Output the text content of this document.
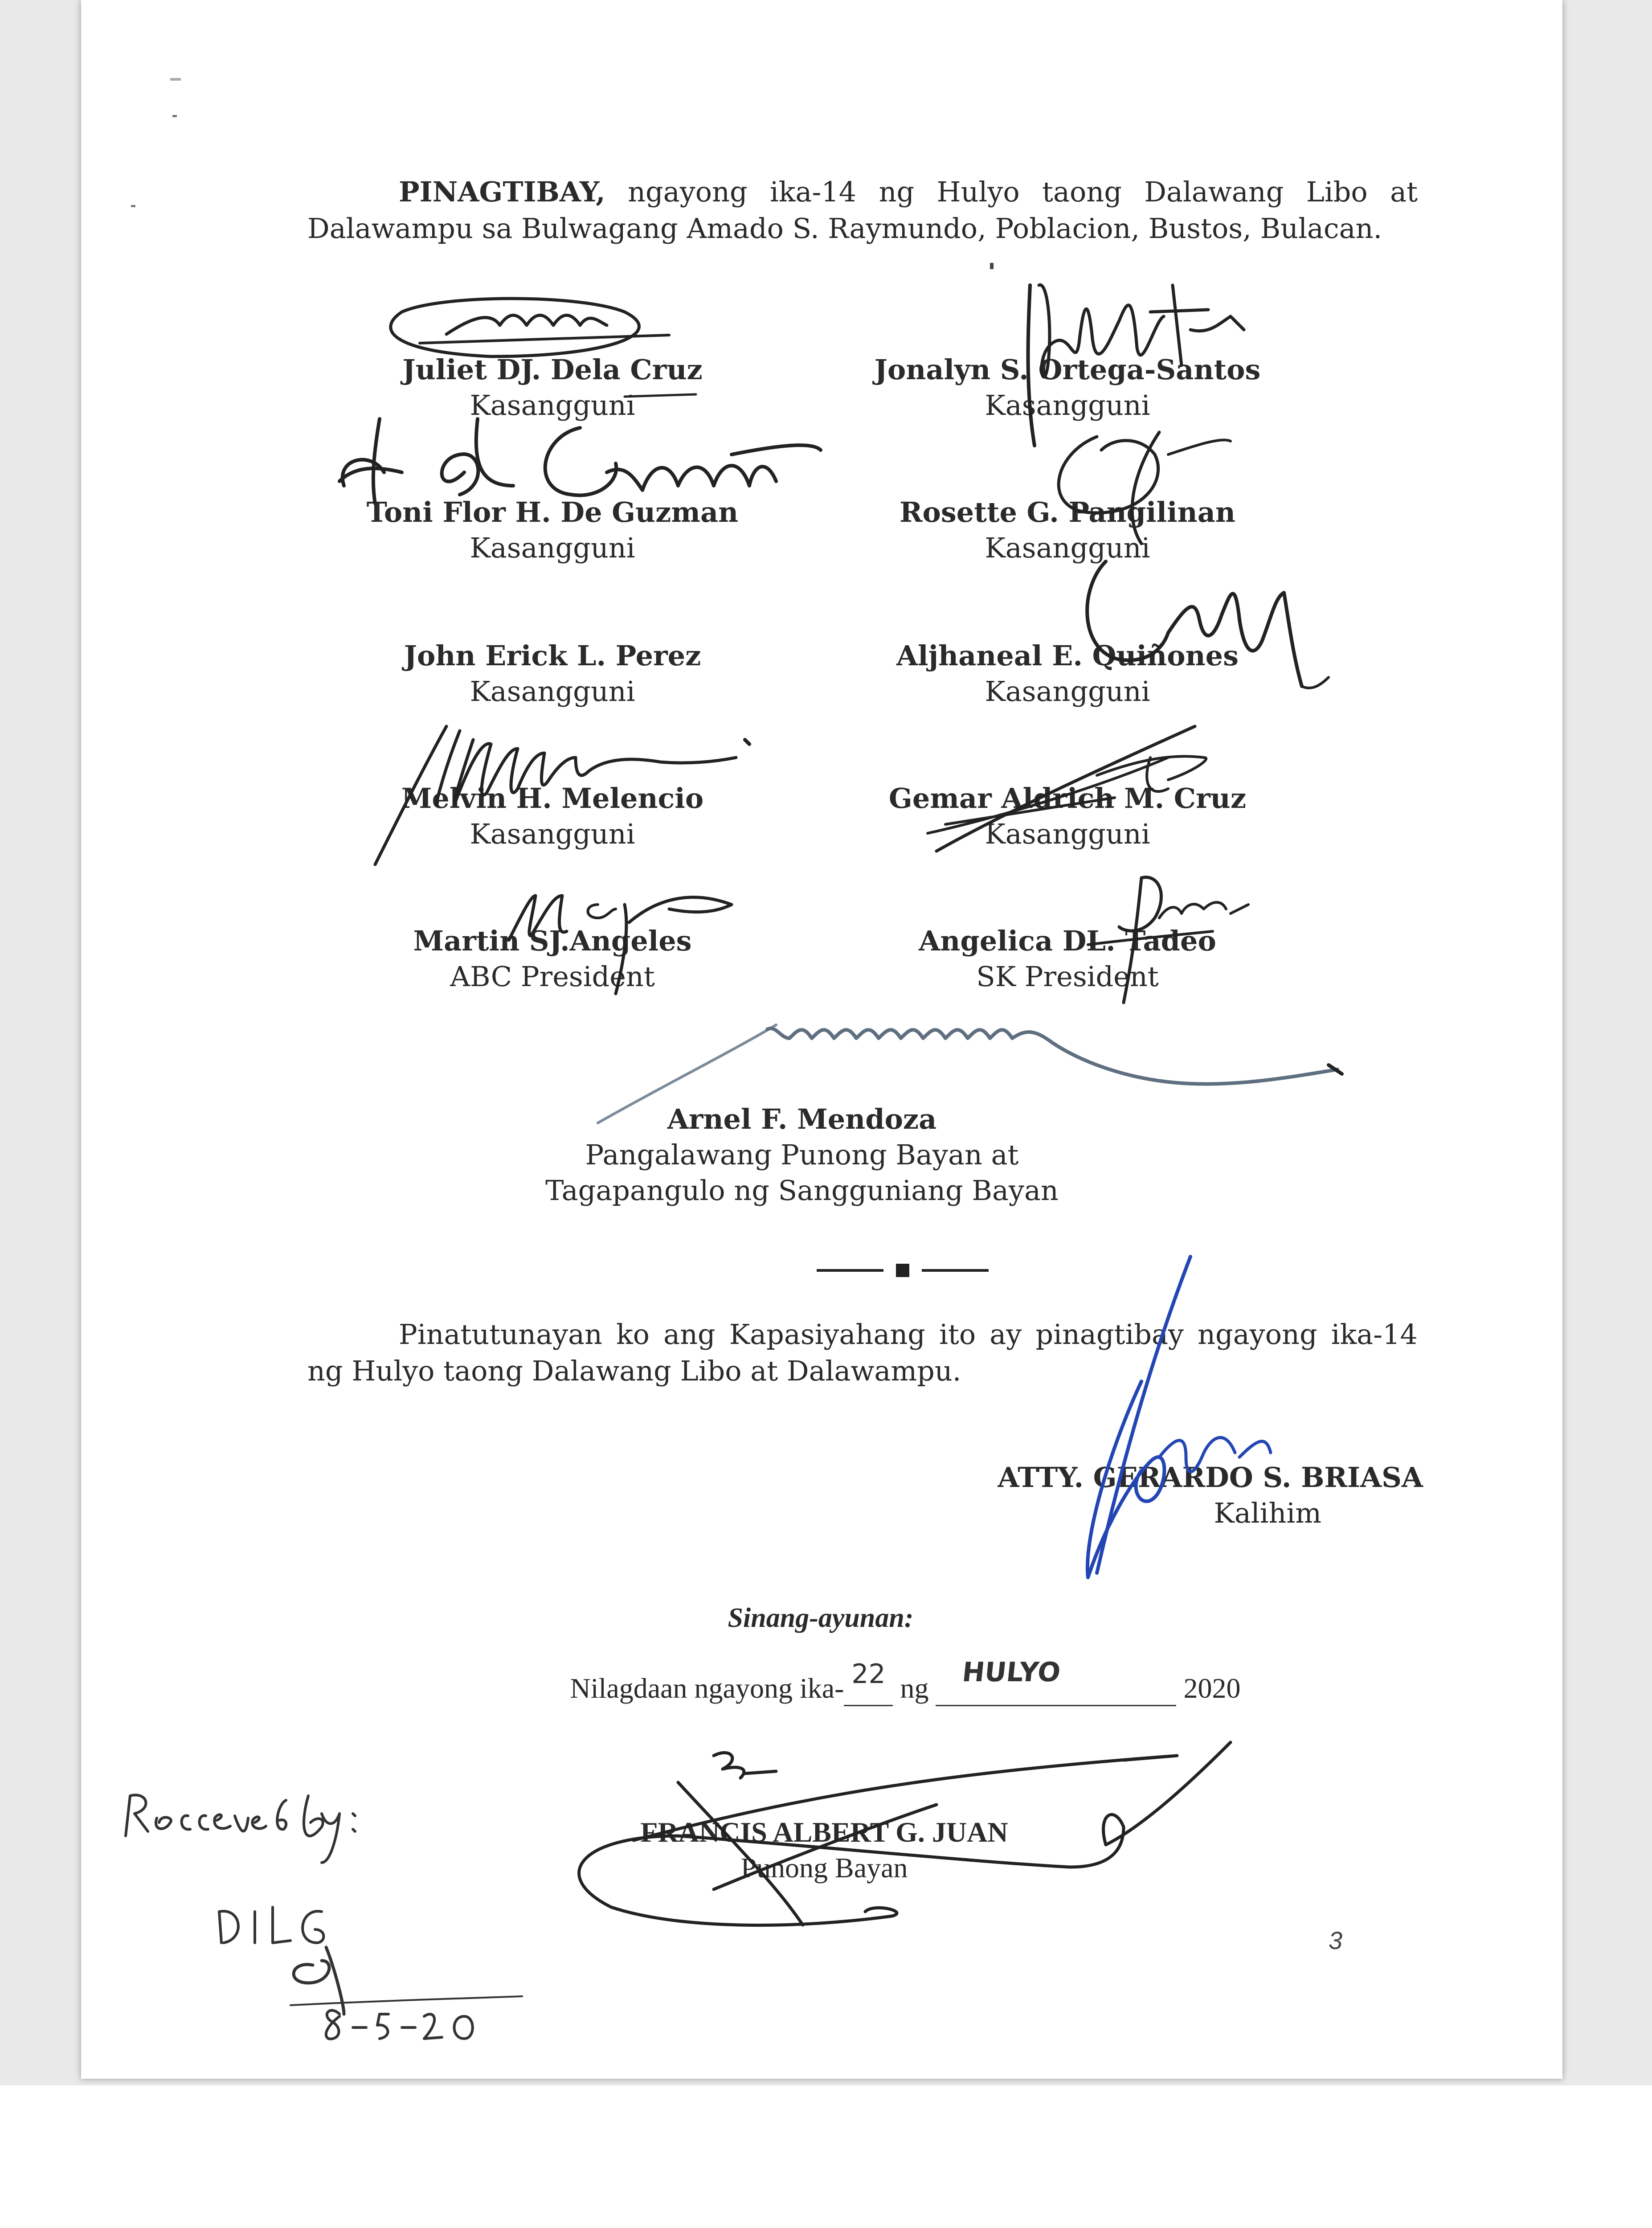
PINAGTIBAY, ngayong ika-14 ng Hulyo taong Dalawang Libo at Dalawampu sa Bulwagang Amado S. Raymundo, Poblacion, Bustos, Bulacan.
Juliet DJ. Dela Cruz
Kasangguni
Jonalyn S. Ortega-Santos
Kasangguni
Toni Flor H. De Guzman
Kasangguni
Rosette G. Pangilinan
Kasangguni
John Erick L. Perez
Kasangguni
Aljhaneal E. Quiñones
Kasangguni
Melvin H. Melencio
Kasangguni
Gemar Aldrich M. Cruz
Kasangguni
Martin SJ.Angeles
ABC President
Angelica DL. Tadeo
SK President
Arnel F. Mendoza
Pangalawang Punong Bayan at
Tagapangulo ng Sangguniang Bayan
Pinatutunayan ko ang Kapasiyahang ito ay pinagtibay ngayong ika-14 ng Hulyo taong Dalawang Libo at Dalawampu.
ATTY. GERARDO S. BRIASA
Kalihim
Sinang-ayunan:
Nilagdaan ngayong ika- 22 ng HULYO	2020
FRANCIS ALBERT G. JUAN
Punong Bayan
3
